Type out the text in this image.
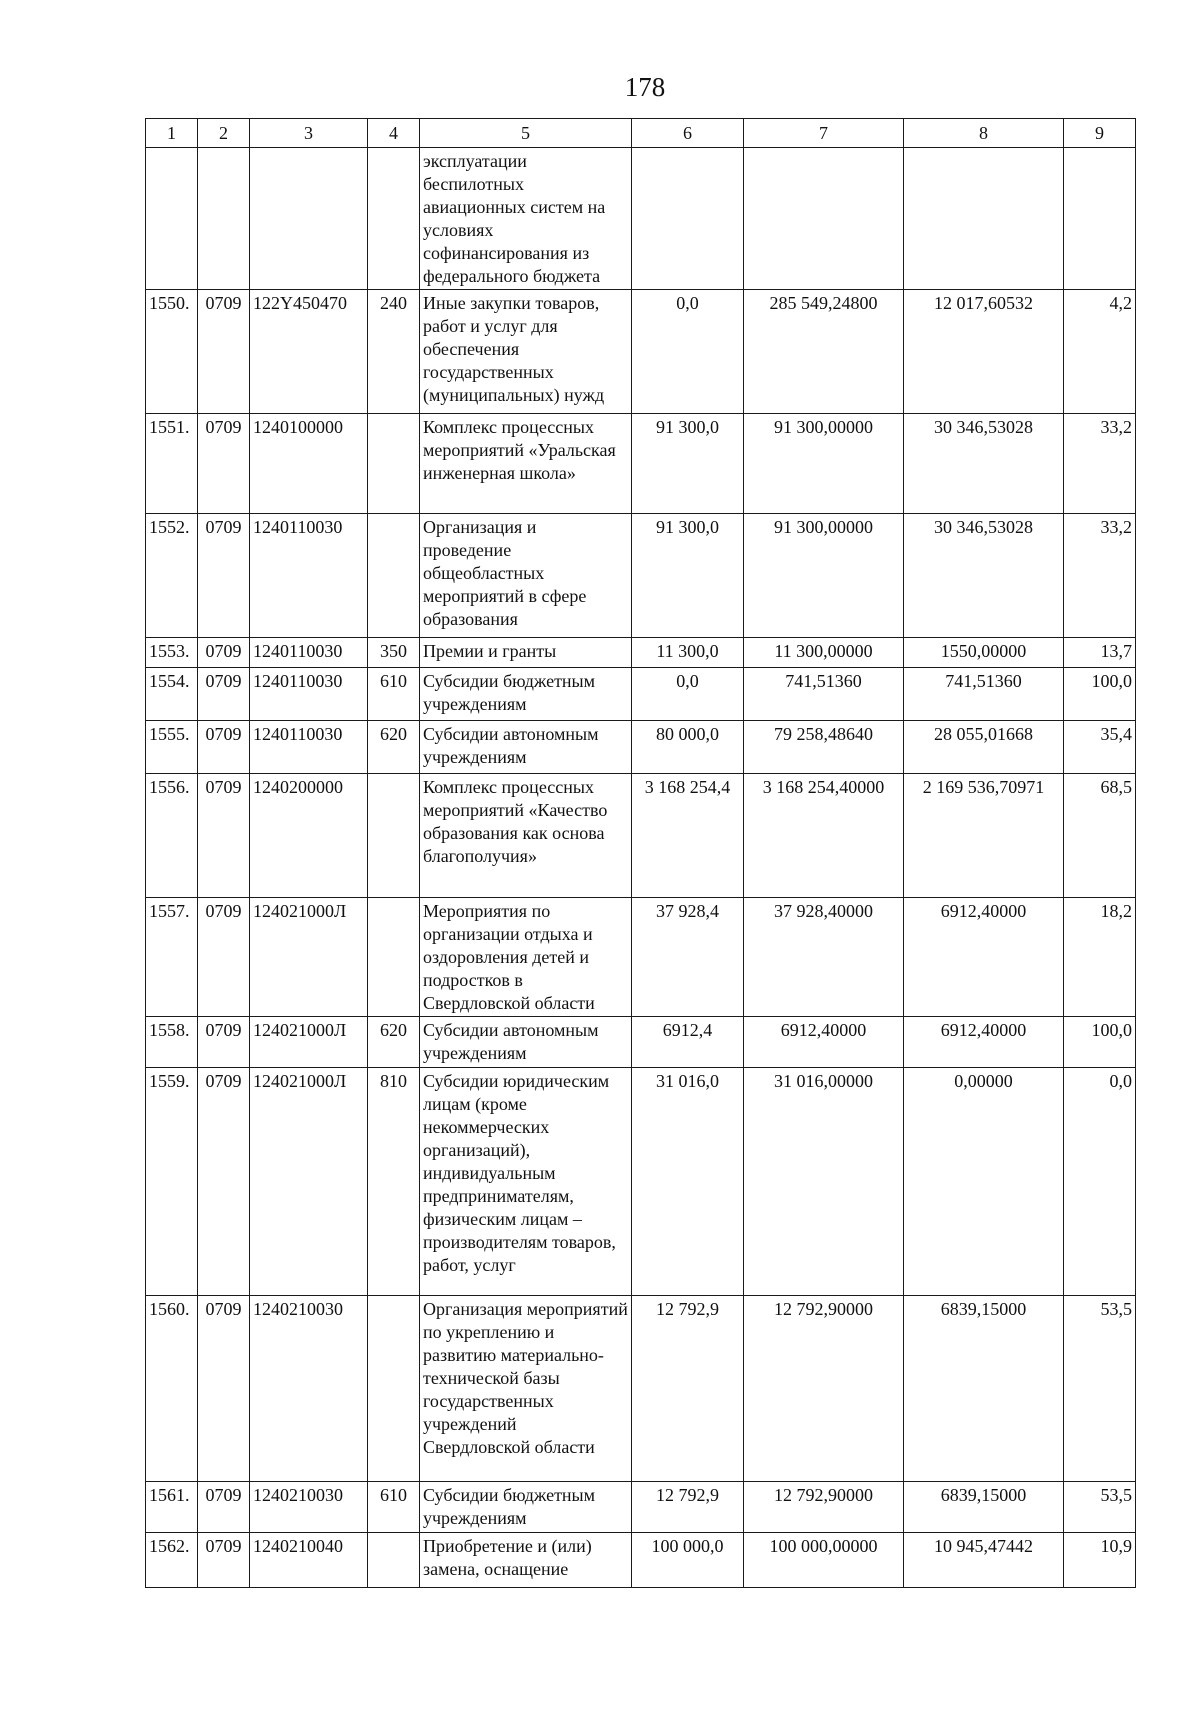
178
1	2	3	4	5	6	7	8	9
				эксплуатации беспилотных авиационных систем на условиях софинансирования из федерального бюджета				
1550.	0709	122Y450470	240	Иные закупки товаров, работ и услуг для обеспечения государственных (муниципальных) нужд	0,0	285 549,24800	12 017,60532	4,2
1551.	0709	1240100000		Комплекс процессных мероприятий «Уральская инженерная школа»	91 300,0	91 300,00000	30 346,53028	33,2
1552.	0709	1240110030		Организация и проведение общеобластных мероприятий в сфере образования	91 300,0	91 300,00000	30 346,53028	33,2
1553.	0709	1240110030	350	Премии и гранты	11 300,0	11 300,00000	1550,00000	13,7
1554.	0709	1240110030	610	Субсидии бюджетным учреждениям	0,0	741,51360	741,51360	100,0
1555.	0709	1240110030	620	Субсидии автономным учреждениям	80 000,0	79 258,48640	28 055,01668	35,4
1556.	0709	1240200000		Комплекс процессных мероприятий «Качество образования как основа благополучия»	3 168 254,4	3 168 254,40000	2 169 536,70971	68,5
1557.	0709	124021000Л		Мероприятия по организации отдыха и оздоровления детей и подростков в Свердловской области	37 928,4	37 928,40000	6912,40000	18,2
1558.	0709	124021000Л	620	Субсидии автономным учреждениям	6912,4	6912,40000	6912,40000	100,0
1559.	0709	124021000Л	810	Субсидии юридическим лицам (кроме некоммерческих организаций), индивидуальным предпринимателям, физическим лицам – производителям товаров, работ, услуг	31 016,0	31 016,00000	0,00000	0,0
1560.	0709	1240210030		Организация мероприятий по укреплению и развитию материально-технической базы государственных учреждений Свердловской области	12 792,9	12 792,90000	6839,15000	53,5
1561.	0709	1240210030	610	Субсидии бюджетным учреждениям	12 792,9	12 792,90000	6839,15000	53,5
1562.	0709	1240210040		Приобретение и (или) замена, оснащение	100 000,0	100 000,00000	10 945,47442	10,9
